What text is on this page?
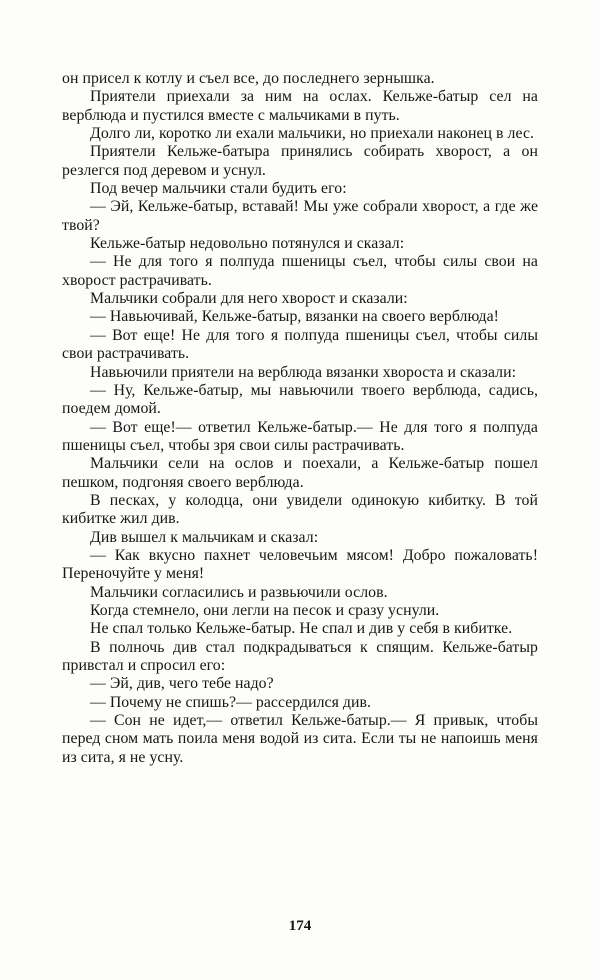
он присел к котлу и съел все, до последнего зернышка.

Приятели приехали за ним на ослах. Кельже-батыр сел на верблюда и пустился вместе с мальчиками в путь.

Долго ли, коротко ли ехали мальчики, но приехали наконец в лес.

Приятели Кельже-батыра принялись собирать хворост, а он резлегся под деревом и уснул.

Под вечер мальчики стали будить его:

— Эй, Кельже-батыр, вставай! Мы уже собрали хворост, а где же твой?

Кельже-батыр недовольно потянулся и сказал:

— Не для того я полпуда пшеницы съел, чтобы силы свои на хворост растрачивать.

Мальчики собрали для него хворост и сказали:

— Навьючивай, Кельже-батыр, вязанки на своего верблюда!

— Вот еще! Не для того я полпуда пшеницы съел, чтобы силы свои растрачивать.

Навьючили приятели на верблюда вязанки хвороста и сказали:

— Ну, Кельже-батыр, мы навьючили твоего верблюда, садись, поедем домой.

— Вот еще!— ответил Кельже-батыр.— Не для того я полпуда пшеницы съел, чтобы зря свои силы растрачивать.

Мальчики сели на ослов и поехали, а Кельже-батыр пошел пешком, подгоняя своего верблюда.

В песках, у колодца, они увидели одинокую кибитку. В той кибитке жил див.

Див вышел к мальчикам и сказал:

— Как вкусно пахнет человечьим мясом! Добро пожаловать! Переночуйте у меня!

Мальчики согласились и развьючили ослов.

Когда стемнело, они легли на песок и сразу уснули.

Не спал только Кельже-батыр. Не спал и див у себя в кибитке.

В полночь див стал подкрадываться к спящим. Кельже-батыр привстал и спросил его:

— Эй, див, чего тебе надо?

— Почему не спишь?— рассердился див.

— Сон не идет,— ответил Кельже-батыр.— Я привык, чтобы перед сном мать поила меня водой из сита. Если ты не напоишь меня из сита, я не усну.

174
